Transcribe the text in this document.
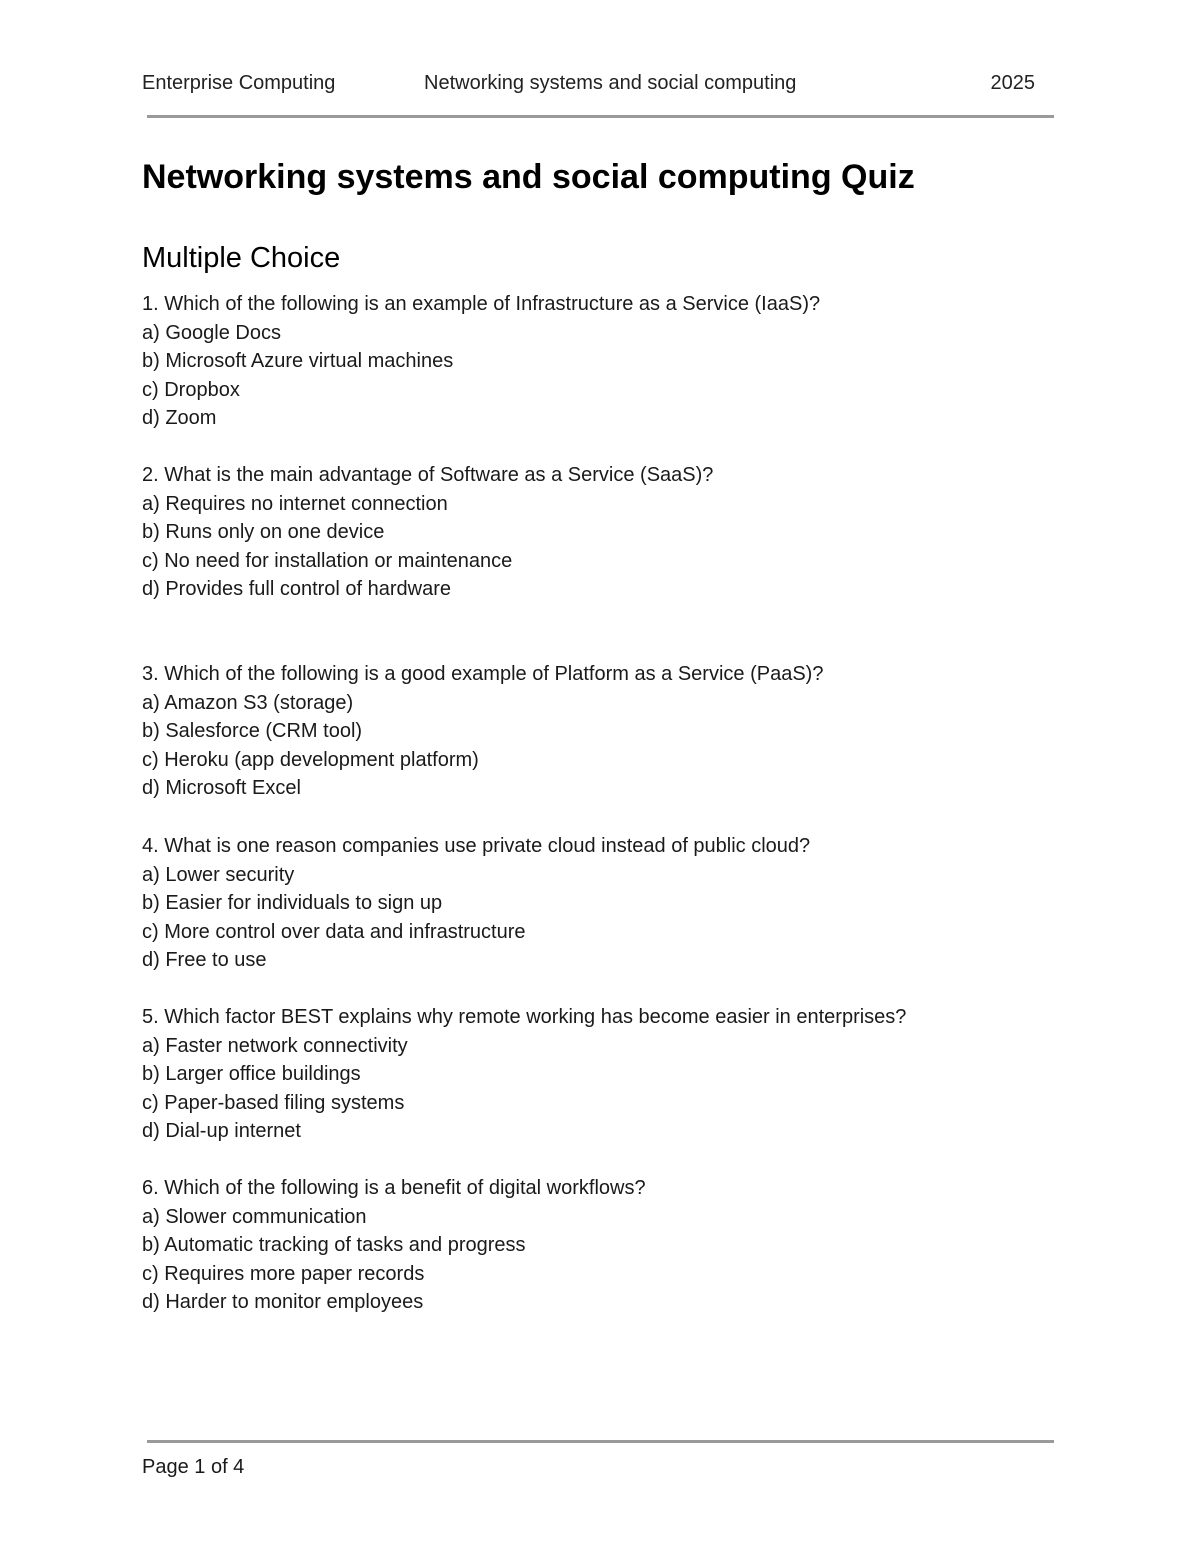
Enterprise Computing	Networking systems and social computing	2025
Networking systems and social computing Quiz
Multiple Choice
1. Which of the following is an example of Infrastructure as a Service (IaaS)?
a) Google Docs
b) Microsoft Azure virtual machines
c) Dropbox
d) Zoom
2. What is the main advantage of Software as a Service (SaaS)?
a) Requires no internet connection
b) Runs only on one device
c) No need for installation or maintenance
d) Provides full control of hardware
3. Which of the following is a good example of Platform as a Service (PaaS)?
a) Amazon S3 (storage)
b) Salesforce (CRM tool)
c) Heroku (app development platform)
d) Microsoft Excel
4. What is one reason companies use private cloud instead of public cloud?
a) Lower security
b) Easier for individuals to sign up
c) More control over data and infrastructure
d) Free to use
5. Which factor BEST explains why remote working has become easier in enterprises?
a) Faster network connectivity
b) Larger office buildings
c) Paper-based filing systems
d) Dial-up internet
6. Which of the following is a benefit of digital workflows?
a) Slower communication
b) Automatic tracking of tasks and progress
c) Requires more paper records
d) Harder to monitor employees
Page 1 of 4
